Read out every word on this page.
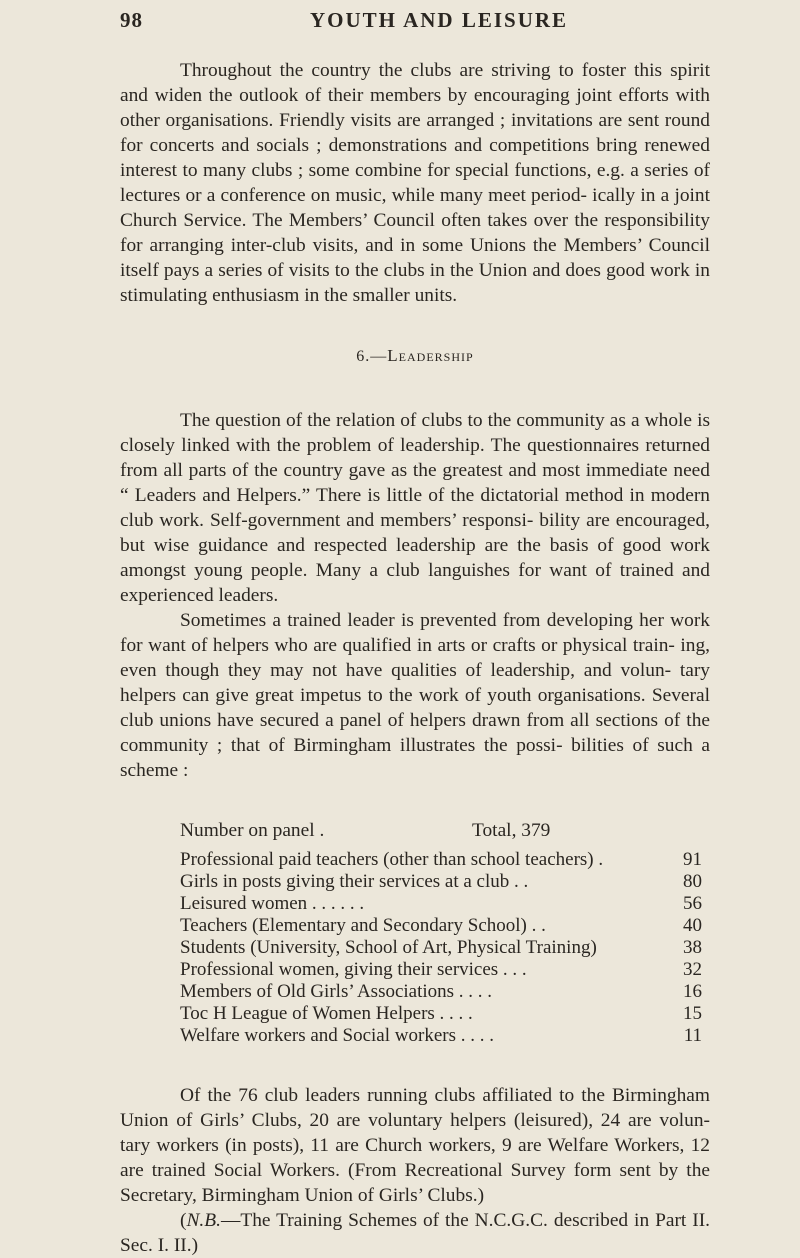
98	YOUTH AND LEISURE

Throughout the country the clubs are striving to foster this spirit and widen the outlook of their members by encouraging joint efforts with other organisations. Friendly visits are arranged ; invitations are sent round for concerts and socials ; demonstrations and competitions bring renewed interest to many clubs ; some combine for special functions, e.g. a series of lectures or a conference on music, while many meet period- ically in a joint Church Service. The Members’ Council often takes over the responsibility for arranging inter-club visits, and in some Unions the Members’ Council itself pays a series of visits to the clubs in the Union and does good work in stimulating enthusiasm in the smaller units.

6.—Leadership

The question of the relation of clubs to the community as a whole is closely linked with the problem of leadership. The questionnaires returned from all parts of the country gave as the greatest and most immediate need “ Leaders and Helpers.” There is little of the dictatorial method in modern club work. Self-government and members’ responsi- bility are encouraged, but wise guidance and respected leadership are the basis of good work amongst young people. Many a club languishes for want of trained and experienced leaders.

Sometimes a trained leader is prevented from developing her work for want of helpers who are qualified in arts or crafts or physical train- ing, even though they may not have qualities of leadership, and volun- tary helpers can give great impetus to the work of youth organisations. Several club unions have secured a panel of helpers drawn from all sections of the community ; that of Birmingham illustrates the possi- bilities of such a scheme :

Number on panel .	Total, 379
Professional paid teachers (other than school teachers) .	91
Girls in posts giving their services at a club . .	80
Leisured women . . . . . .	56
Teachers (Elementary and Secondary School) . .	40
Students (University, School of Art, Physical Training)	38
Professional women, giving their services . . .	32
Members of Old Girls’ Associations . . . .	16
Toc H League of Women Helpers . . . .	15
Welfare workers and Social workers . . . .	11

Of the 76 club leaders running clubs affiliated to the Birmingham Union of Girls’ Clubs, 20 are voluntary helpers (leisured), 24 are volun- tary workers (in posts), 11 are Church workers, 9 are Welfare Workers, 12 are trained Social Workers. (From Recreational Survey form sent by the Secretary, Birmingham Union of Girls’ Clubs.)

(N.B.—The Training Schemes of the N.C.G.C. described in Part II. Sec. I. II.)
